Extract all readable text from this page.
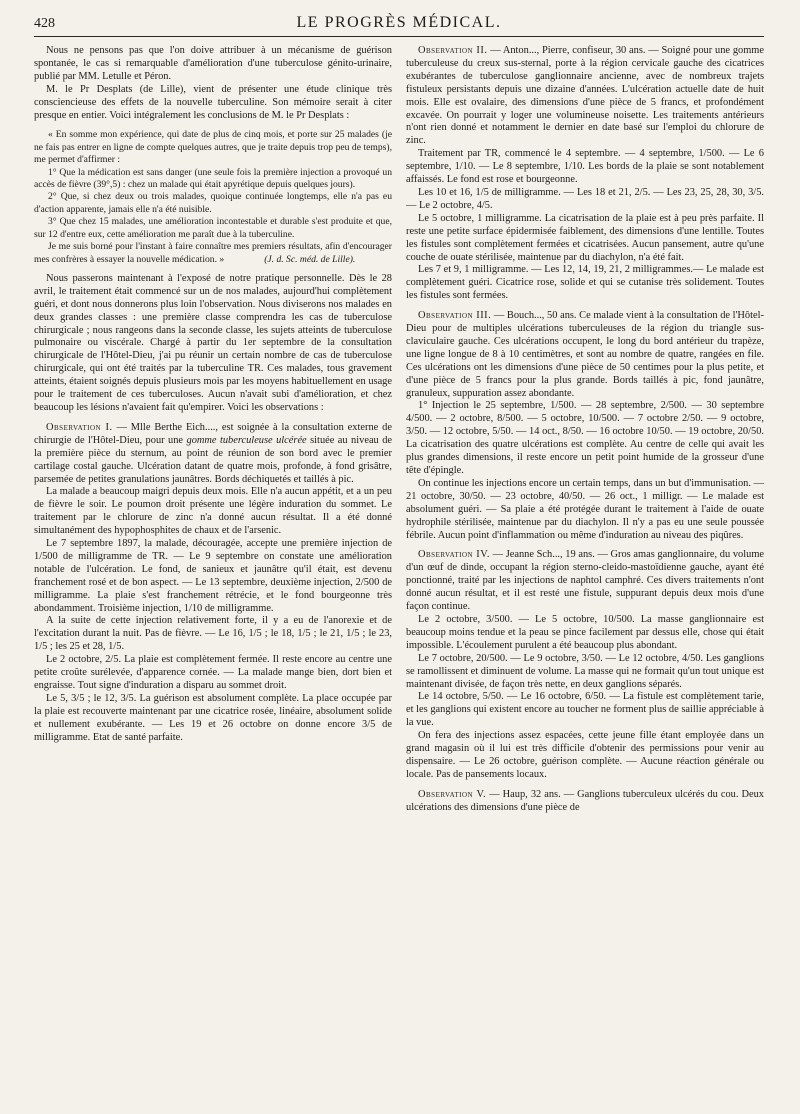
428	LE PROGRÈS MÉDICAL.

Nous ne pensons pas que l'on doive attribuer à un mécanisme de guérison spontanée, le cas si remarquable d'amélioration d'une tuberculose génito-urinaire, publié par MM. Letulle et Péron.

M. le Pr Desplats (de Lille), vient de présenter une étude clinique très consciencieuse des effets de la nouvelle tuberculine. Son mémoire serait à citer presque en entier. Voici intégralement les conclusions de M. le Pr Desplats :

« En somme mon expérience, qui date de plus de cinq mois, et porte sur 25 malades (je ne fais pas entrer en ligne de compte quelques autres, que je traite depuis trop peu de temps), me permet d'affirmer :

1° Que la médication est sans danger (une seule fois la première injection a provoqué un accès de fièvre (39°,5) : chez un malade qui était apyrétique depuis quelques jours).

2° Que, si chez deux ou trois malades, quoique continuée longtemps, elle n'a pas eu d'action apparente, jamais elle n'a été nuisible.

3° Que chez 15 malades, une amélioration incontestable et durable s'est produite et que, sur 12 d'entre eux, cette amélioration me paraît due à la tuberculine.

Je me suis borné pour l'instant à faire connaître mes premiers résultats, afin d'encourager mes confrères à essayer la nouvelle médication. »	(J. d. Sc. méd. de Lille).

Nous passerons maintenant à l'exposé de notre pratique personnelle. Dès le 28 avril, le traitement était commencé sur un de nos malades, aujourd'hui complètement guéri, et dont nous donnerons plus loin l'observation. Nous diviserons nos malades en deux grandes classes : une première classe comprendra les cas de tuberculose chirurgicale ; nous rangeons dans la seconde classe, les sujets atteints de tuberculose pulmonaire ou viscérale. Chargé à partir du 1er septembre de la consultation chirurgicale de l'Hôtel-Dieu, j'ai pu réunir un certain nombre de cas de tuberculose chirurgicale, qui ont été traités par la tuberculine TR. Ces malades, tous gravement atteints, étaient soignés depuis plusieurs mois par les moyens habituellement en usage pour le traitement de ces tuberculoses. Aucun n'avait subi d'amélioration, et chez beaucoup les lésions n'avaient fait qu'empirer. Voici les observations :

Observation I. — Mlle Berthe Eich...., est soignée à la consultation externe de chirurgie de l'Hôtel-Dieu, pour une gomme tuberculeuse ulcérée située au niveau de la première pièce du sternum, au point de réunion de son bord avec le premier cartilage costal gauche. Ulcération datant de quatre mois, profonde, à fond grisâtre, parsemée de petites granulations jaunâtres. Bords déchiquetés et taillés à pic.

La malade a beaucoup maigri depuis deux mois. Elle n'a aucun appétit, et a un peu de fièvre le soir. Le poumon droit présente une légère induration du sommet. Le traitement par le chlorure de zinc n'a donné aucun résultat. Il a été donné simultanément des hypophosphites de chaux et de l'arsenic.

Le 7 septembre 1897, la malade, découragée, accepte une première injection de 1/500 de milligramme de TR. — Le 9 septembre on constate une amélioration notable de l'ulcération. Le fond, de sanieux et jaunâtre qu'il était, est devenu franchement rosé et de bon aspect. — Le 13 septembre, deuxième injection, 2/500 de milligramme. La plaie s'est franchement rétrécie, et le fond bourgeonne très abondamment. Troisième injection, 1/10 de milligramme.

A la suite de cette injection relativement forte, il y a eu de l'anorexie et de l'excitation durant la nuit. Pas de fièvre. — Le 16, 1/5 ; le 18, 1/5 ; le 21, 1/5 ; le 23, 1/5 ; les 25 et 28, 1/5.

Le 2 octobre, 2/5. La plaie est complètement fermée. Il reste encore au centre une petite croûte surélevée, d'apparence cornée. — La malade mange bien, dort bien et engraisse. Tout signe d'induration a disparu au sommet droit.

Le 5, 3/5 ; le 12, 3/5. La guérison est absolument complète. La place occupée par la plaie est recouverte maintenant par une cicatrice rosée, linéaire, absolument solide et nullement exubérante. — Les 19 et 26 octobre on donne encore 3/5 de milligramme. Etat de santé parfaite.

Observation II. — Anton..., Pierre, confiseur, 30 ans. — Soigné pour une gomme tuberculeuse du creux sus-sternal, porte à la région cervicale gauche des cicatrices exubérantes de tuberculose ganglionnaire ancienne, avec de nombreux trajets fistuleux persistants depuis une dizaine d'années. L'ulcération actuelle date de huit mois. Elle est ovalaire, des dimensions d'une pièce de 5 francs, et profondément excavée. On pourrait y loger une volumineuse noisette. Les traitements antérieurs n'ont rien donné et notamment le dernier en date basé sur l'emploi du chlorure de zinc.

Traitement par TR, commencé le 4 septembre. — 4 septembre, 1/500. — Le 6 septembre, 1/10. — Le 8 septembre, 1/10. Les bords de la plaie se sont notablement affaissés. Le fond est rose et bourgeonne.

Les 10 et 16, 1/5 de milligramme. — Les 18 et 21, 2/5. — Les 23, 25, 28, 30, 3/5. — Le 2 octobre, 4/5.

Le 5 octobre, 1 milligramme. La cicatrisation de la plaie est à peu près parfaite. Il reste une petite surface épidermisée faiblement, des dimensions d'une lentille. Toutes les fistules sont complètement fermées et cicatrisées. Aucun pansement, autre qu'une couche de ouate stérilisée, maintenue par du diachylon, n'a été fait.

Les 7 et 9, 1 milligramme. — Les 12, 14, 19, 21, 2 milligrammes.— Le malade est complètement guéri. Cicatrice rose, solide et qui se cutanise très solidement. Toutes les fistules sont fermées.

Observation III. — Bouch..., 50 ans. Ce malade vient à la consultation de l'Hôtel-Dieu pour de multiples ulcérations tuberculeuses de la région du triangle sus-claviculaire gauche. Ces ulcérations occupent, le long du bord antérieur du trapèze, une ligne longue de 8 à 10 centimètres, et sont au nombre de quatre, rangées en file. Ces ulcérations ont les dimensions d'une pièce de 50 centimes pour la plus petite, et d'une pièce de 5 francs pour la plus grande. Bords taillés à pic, fond jaunâtre, granuleux, suppuration assez abondante.

1° Injection le 25 septembre, 1/500. — 28 septembre, 2/500. — 30 septembre 4/500. — 2 octobre, 8/500. — 5 octobre, 10/500. — 7 octobre 2/50. — 9 octobre, 3/50. — 12 octobre, 5/50. — 14 oct., 8/50. — 16 octobre 10/50. — 19 octobre, 20/50. La cicatrisation des quatre ulcérations est complète. Au centre de celle qui avait les plus grandes dimensions, il reste encore un petit point humide de la grosseur d'une tête d'épingle.

On continue les injections encore un certain temps, dans un but d'immunisation. — 21 octobre, 30/50. — 23 octobre, 40/50. — 26 oct., 1 milligr. — Le malade est absolument guéri. — Sa plaie a été protégée durant le traitement à l'aide de ouate hydrophile stérilisée, maintenue par du diachylon. Il n'y a pas eu une seule poussée fébrile. Aucun point d'inflammation ou même d'induration au niveau des piqûres.

Observation IV. — Jeanne Sch..., 19 ans. — Gros amas ganglionnaire, du volume d'un œuf de dinde, occupant la région sterno-cleido-mastoïdienne gauche, ayant été ponctionné, traité par les injections de naphtol camphré. Ces divers traitements n'ont donné aucun résultat, et il est resté une fistule, suppurant depuis deux mois d'une façon continue.

Le 2 octobre, 3/500. — Le 5 octobre, 10/500. La masse ganglionnaire est beaucoup moins tendue et la peau se pince facilement par dessus elle, chose qui était impossible. L'écoulement purulent a été beaucoup plus abondant.

Le 7 octobre, 20/500. — Le 9 octobre, 3/50. — Le 12 octobre, 4/50. Les ganglions se ramollissent et diminuent de volume. La masse qui ne formait qu'un tout unique est maintenant divisée, de façon très nette, en deux ganglions séparés.

Le 14 octobre, 5/50. — Le 16 octobre, 6/50. — La fistule est complètement tarie, et les ganglions qui existent encore au toucher ne forment plus de saillie appréciable à la vue.

On fera des injections assez espacées, cette jeune fille étant employée dans un grand magasin où il lui est très difficile d'obtenir des permissions pour venir au dispensaire. — Le 26 octobre, guérison complète. — Aucune réaction générale ou locale. Pas de pansements locaux.

Observation V. — Haup, 32 ans. — Ganglions tuberculeux ulcérés du cou. Deux ulcérations des dimensions d'une pièce de
